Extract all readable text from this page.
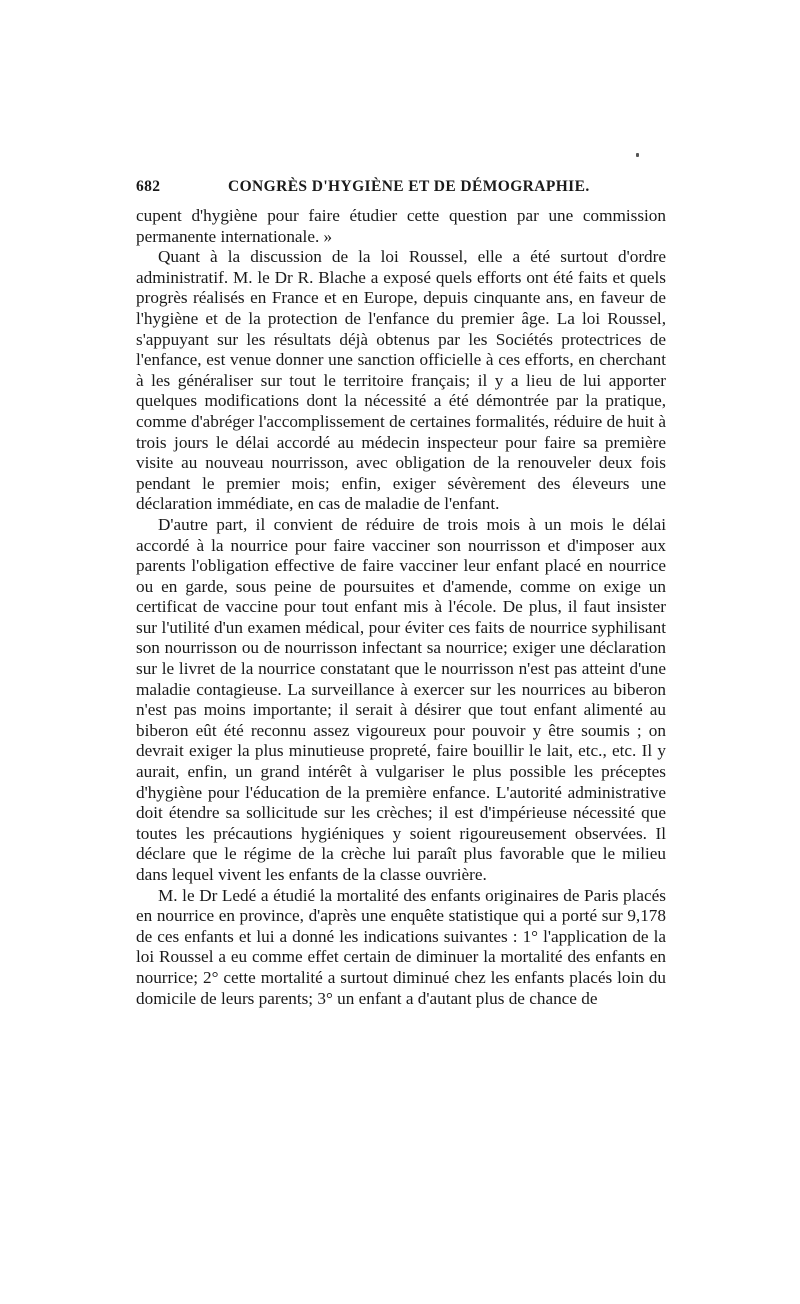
682	CONGRÈS D'HYGIÈNE ET DE DÉMOGRAPHIE.

cupent d'hygiène pour faire étudier cette question par une commission permanente internationale. »

Quant à la discussion de la loi Roussel, elle a été surtout d'ordre administratif. M. le Dr R. Blache a exposé quels efforts ont été faits et quels progrès réalisés en France et en Europe, depuis cinquante ans, en faveur de l'hygiène et de la protection de l'enfance du premier âge. La loi Roussel, s'appuyant sur les résultats déjà obtenus par les Sociétés protectrices de l'enfance, est venue donner une sanction officielle à ces efforts, en cherchant à les généraliser sur tout le territoire français; il y a lieu de lui apporter quelques modifications dont la nécessité a été démontrée par la pratique, comme d'abréger l'accomplissement de certaines formalités, réduire de huit à trois jours le délai accordé au médecin inspecteur pour faire sa première visite au nouveau nourrisson, avec obligation de la renouveler deux fois pendant le premier mois; enfin, exiger sévèrement des éleveurs une déclaration immédiate, en cas de maladie de l'enfant.

D'autre part, il convient de réduire de trois mois à un mois le délai accordé à la nourrice pour faire vacciner son nourrisson et d'imposer aux parents l'obligation effective de faire vacciner leur enfant placé en nourrice ou en garde, sous peine de poursuites et d'amende, comme on exige un certificat de vaccine pour tout enfant mis à l'école. De plus, il faut insister sur l'utilité d'un examen médical, pour éviter ces faits de nourrice syphilisant son nourrisson ou de nourrisson infectant sa nourrice; exiger une déclaration sur le livret de la nourrice constatant que le nourrisson n'est pas atteint d'une maladie contagieuse. La surveillance à exercer sur les nourrices au biberon n'est pas moins importante; il serait à désirer que tout enfant alimenté au biberon eût été reconnu assez vigoureux pour pouvoir y être soumis ; on devrait exiger la plus minutieuse propreté, faire bouillir le lait, etc., etc. Il y aurait, enfin, un grand intérêt à vulgariser le plus possible les préceptes d'hygiène pour l'éducation de la première enfance. L'autorité administrative doit étendre sa sollicitude sur les crèches; il est d'impérieuse nécessité que toutes les précautions hygiéniques y soient rigoureusement observées. Il déclare que le régime de la crèche lui paraît plus favorable que le milieu dans lequel vivent les enfants de la classe ouvrière.

M. le Dr Ledé a étudié la mortalité des enfants originaires de Paris placés en nourrice en province, d'après une enquête statistique qui a porté sur 9,178 de ces enfants et lui a donné les indications suivantes : 1° l'application de la loi Roussel a eu comme effet certain de diminuer la mortalité des enfants en nourrice; 2° cette mortalité a surtout diminué chez les enfants placés loin du domicile de leurs parents; 3° un enfant a d'autant plus de chance de
